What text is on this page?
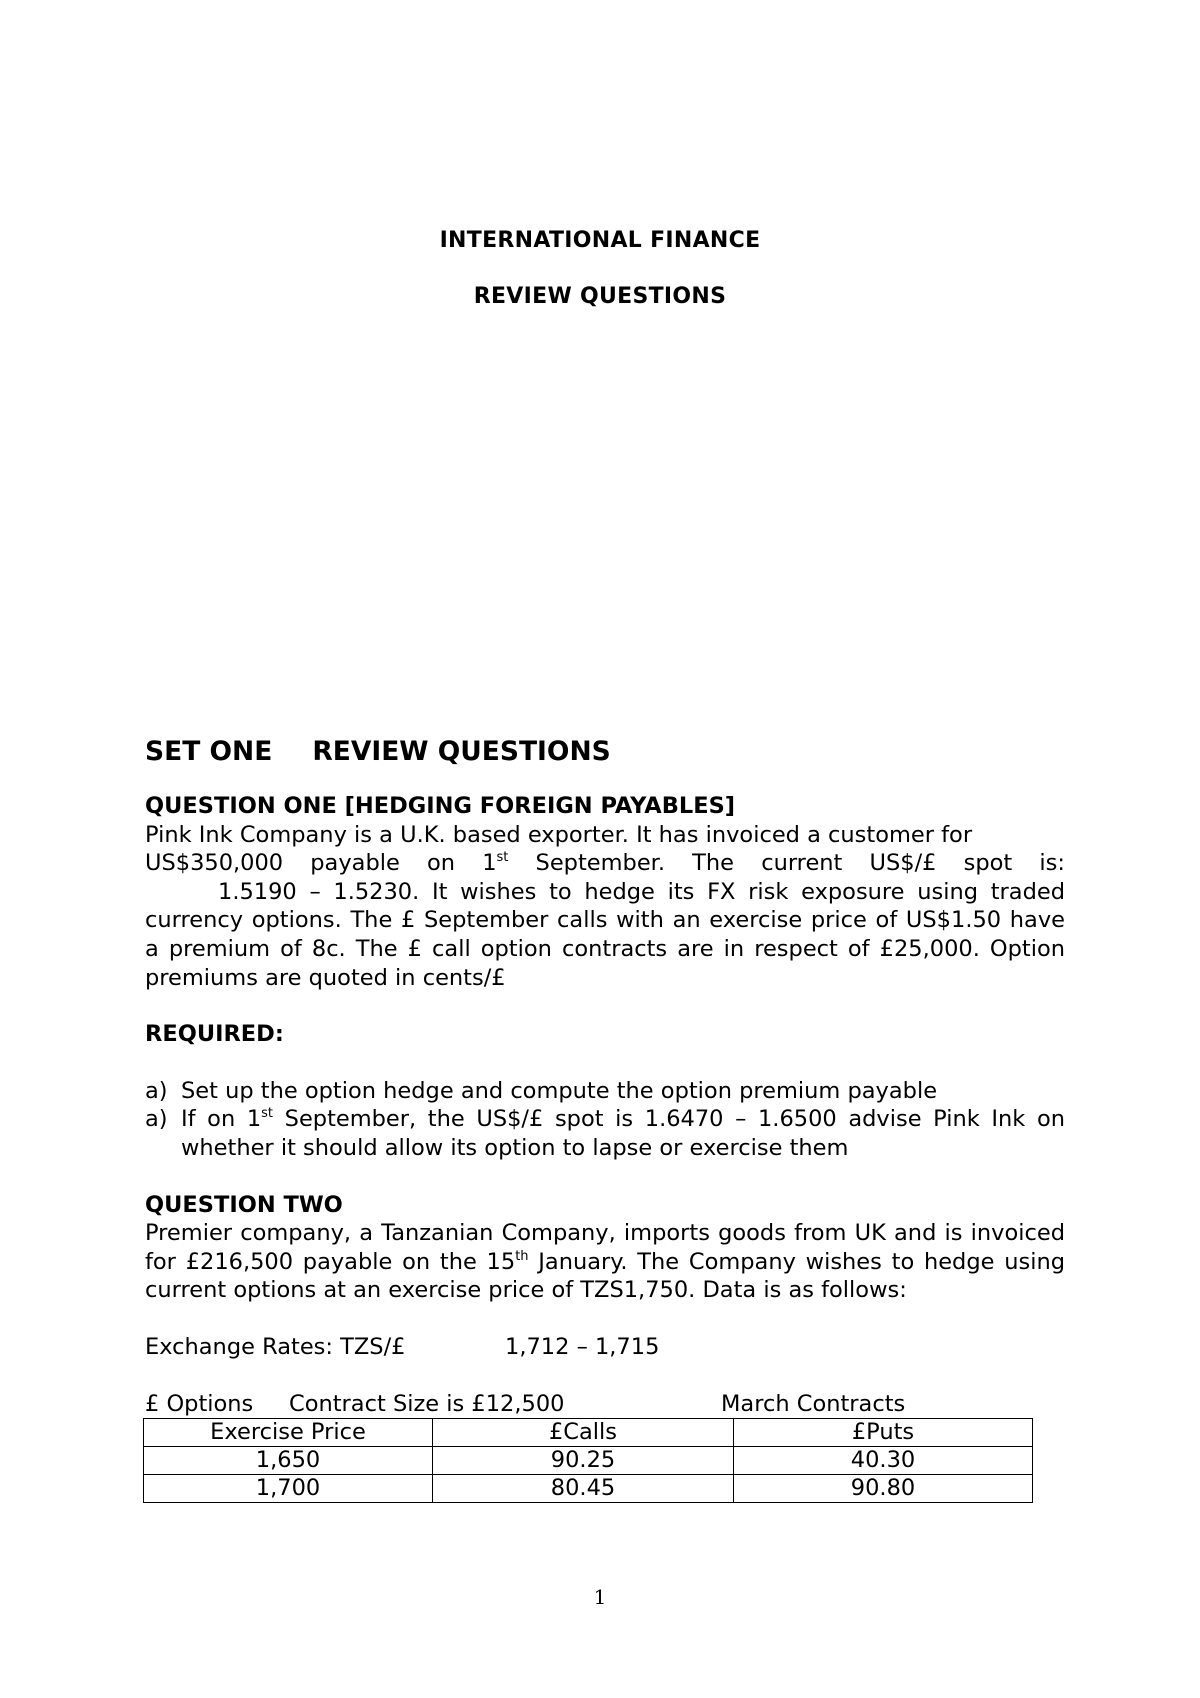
INTERNATIONAL FINANCE
REVIEW QUESTIONS
SET ONE REVIEW QUESTIONS

QUESTION ONE [HEDGING FOREIGN PAYABLES]

Pink Ink Company is a U.K. based exporter. It has invoiced a customer for

US$350,000 payable on 1st September. The current US$/£ spot is:

1.5190 – 1.5230. It wishes to hedge its FX risk exposure using traded currency options. The £ September calls with an exercise price of US$1.50 have a premium of 8c. The £ call option contracts are in respect of £25,000. Option premiums are quoted in cents/£

REQUIRED:

a) Set up the option hedge and compute the option premium payable
a) If on 1st September, the US$/£ spot is 1.6470 – 1.6500 advise Pink Ink on whether it should allow its option to lapse or exercise them

QUESTION TWO

Premier company, a Tanzanian Company, imports goods from UK and is invoiced for £216,500 payable on the 15th January. The Company wishes to hedge using current options at an exercise price of TZS1,750. Data is as follows:

Exchange Rates: TZS/£	1,712 – 1,715

£ Options Contract Size is £12,500	March Contracts
Exercise Price	£Calls	£Puts
1,650	90.25	40.30
1,700	80.45	90.80
1
